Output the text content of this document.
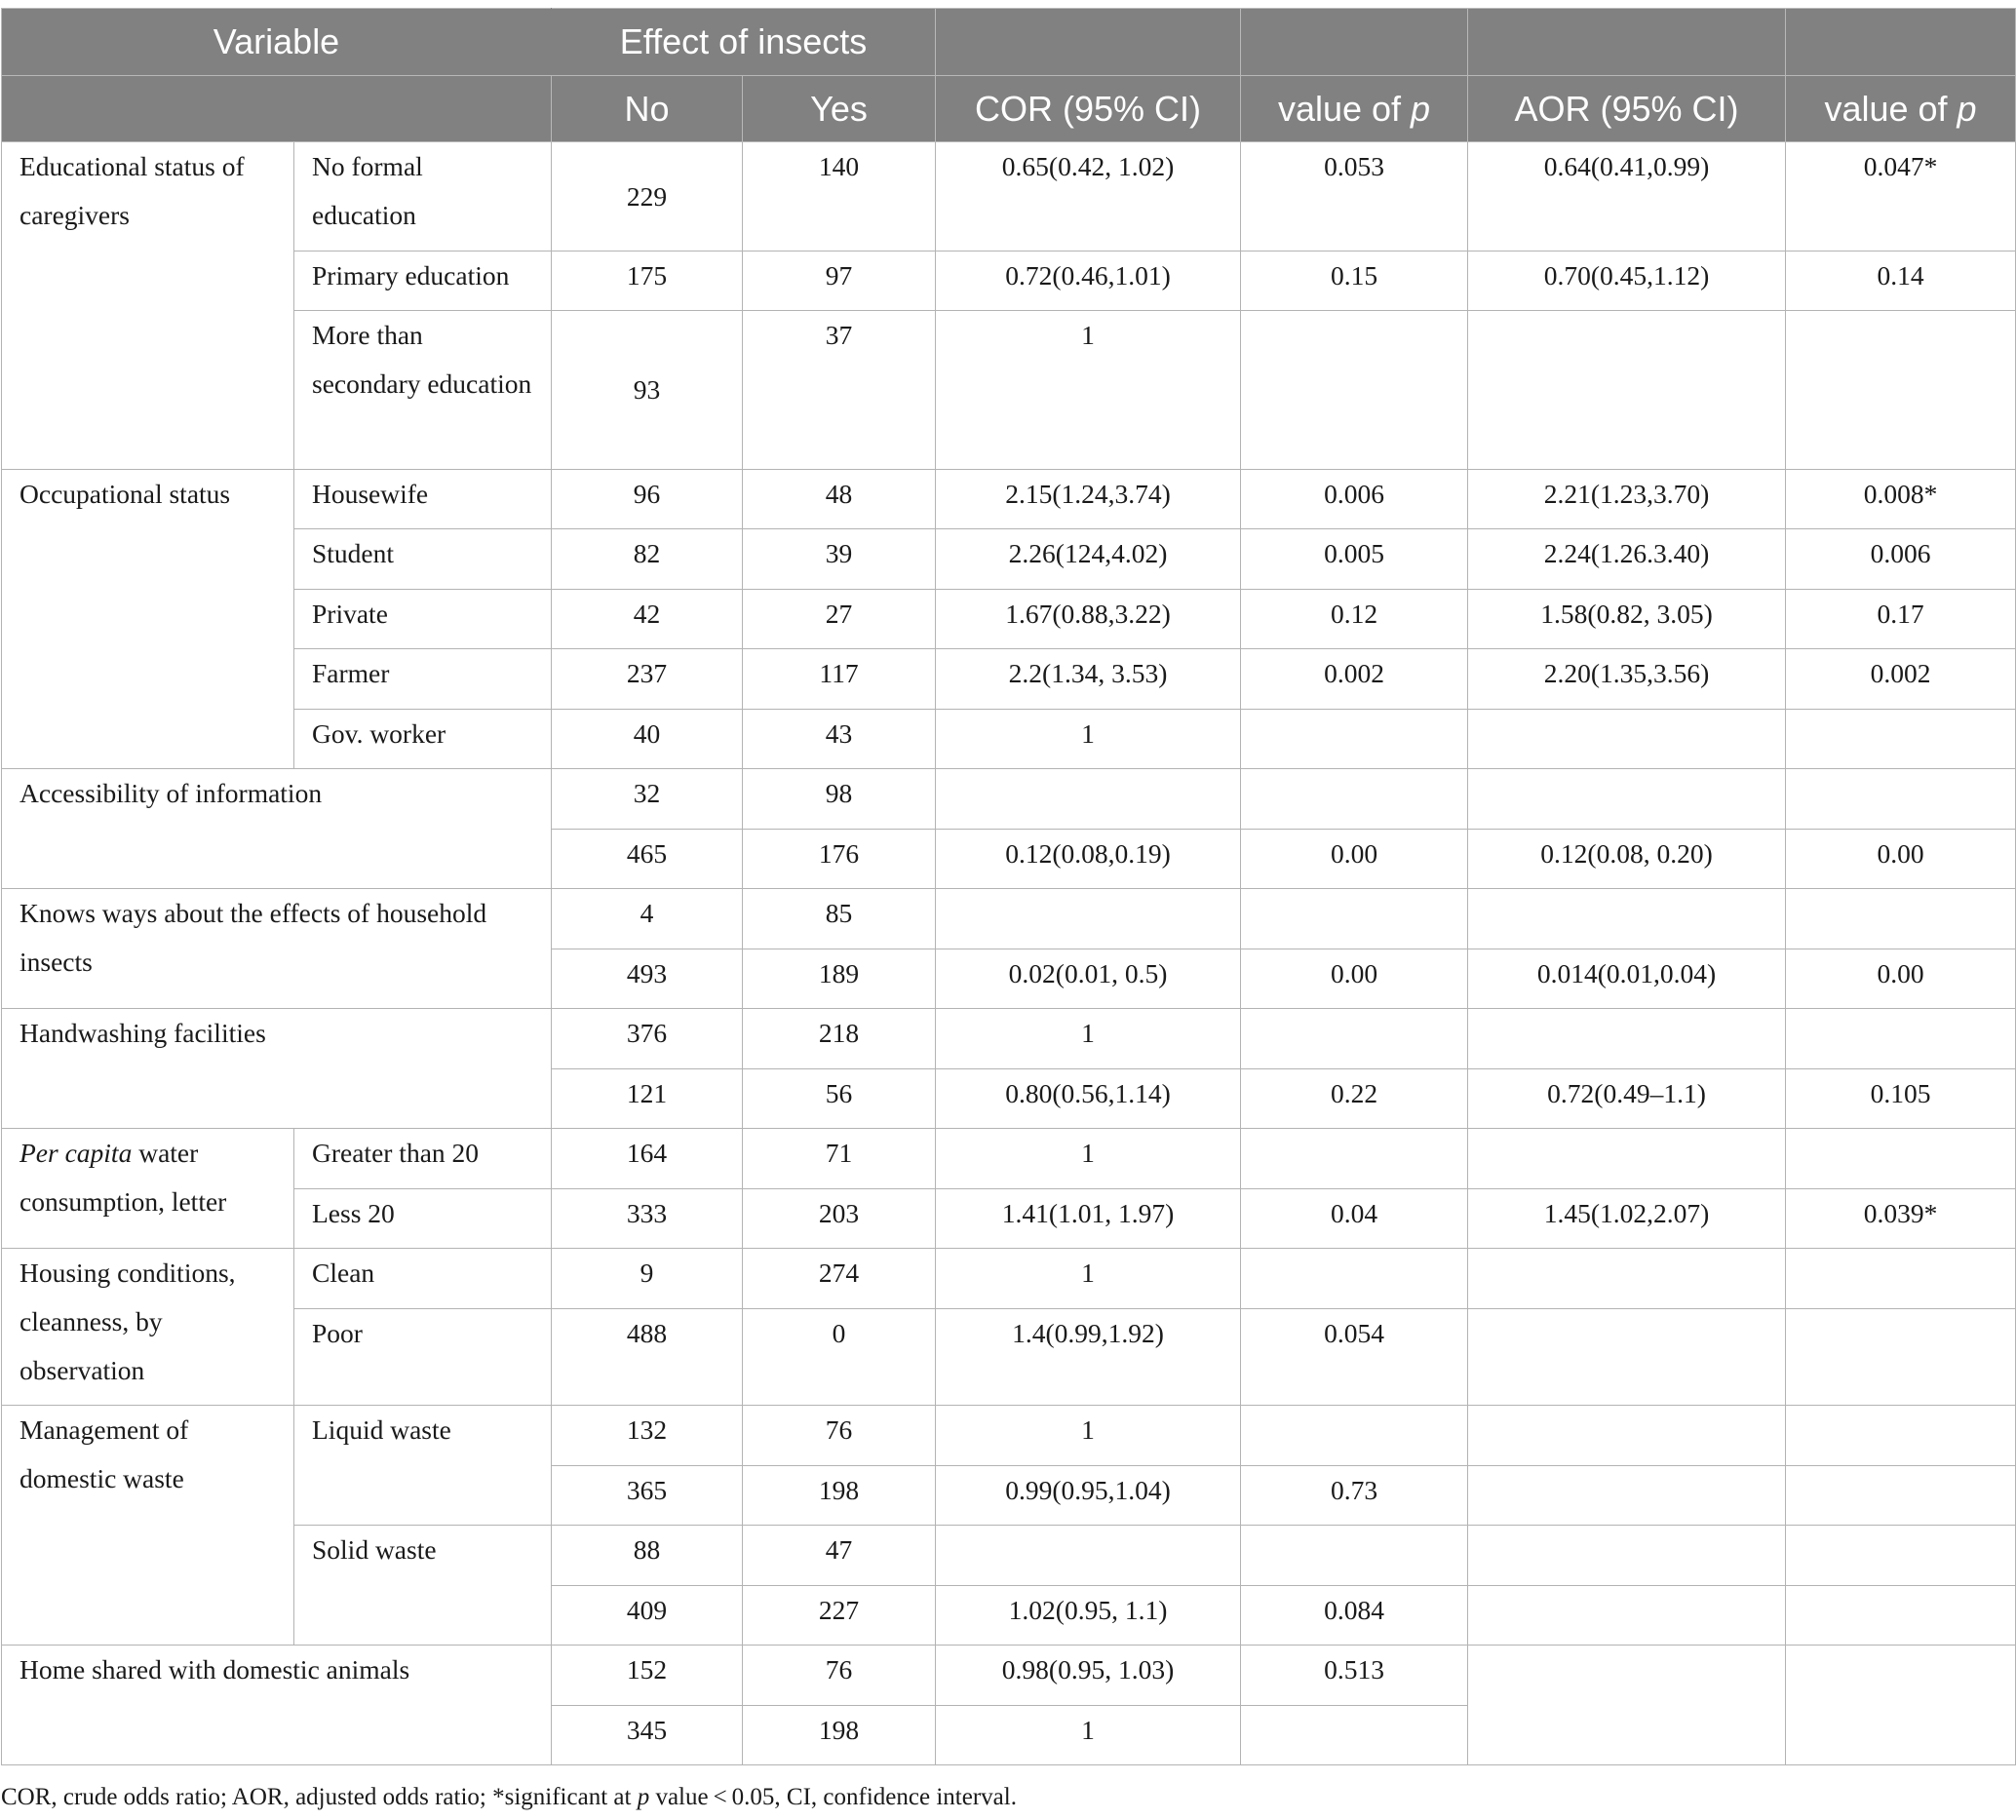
Variable		Effect of insects					
		No	Yes	COR (95% CI)	value of p	AOR (95% CI)	value of p
Educational status of caregivers	No formal education	229	140	0.65(0.42, 1.02)	0.053	0.64(0.41,0.99)	0.047*
	Primary education	175	97	0.72(0.46,1.01)	0.15	0.70(0.45,1.12)	0.14
	More than secondary education	93	37	1			
Occupational status	Housewife	96	48	2.15(1.24,3.74)	0.006	2.21(1.23,3.70)	0.008*
	Student	82	39	2.26(124,4.02)	0.005	2.24(1.26.3.40)	0.006
	Private	42	27	1.67(0.88,3.22)	0.12	1.58(0.82, 3.05)	0.17
	Farmer	237	117	2.2(1.34, 3.53)	0.002	2.20(1.35,3.56)	0.002
	Gov. worker	40	43	1			
Accessibility of information		32	98				
		465	176	0.12(0.08,0.19)	0.00	0.12(0.08, 0.20)	0.00
Knows ways about the effects of household insects		4	85				
		493	189	0.02(0.01, 0.5)	0.00	0.014(0.01,0.04)	0.00
Handwashing facilities		376	218	1			
		121	56	0.80(0.56,1.14)	0.22	0.72(0.49–1.1)	0.105
Per capita water consumption, letter	Greater than 20	164	71	1			
	Less 20	333	203	1.41(1.01, 1.97)	0.04	1.45(1.02,2.07)	0.039*
Housing conditions, cleanness, by observation	Clean	9	274	1			
	Poor	488	0	1.4(0.99,1.92)	0.054		
Management of domestic waste	Liquid waste	132	76	1			
		365	198	0.99(0.95,1.04)	0.73		
	Solid waste	88	47				
		409	227	1.02(0.95, 1.1)	0.084		
Home shared with domestic animals		152	76	0.98(0.95, 1.03)	0.513		
		345	198	1			
COR, crude odds ratio; AOR, adjusted odds ratio; *significant at p value < 0.05, CI, confidence interval.
